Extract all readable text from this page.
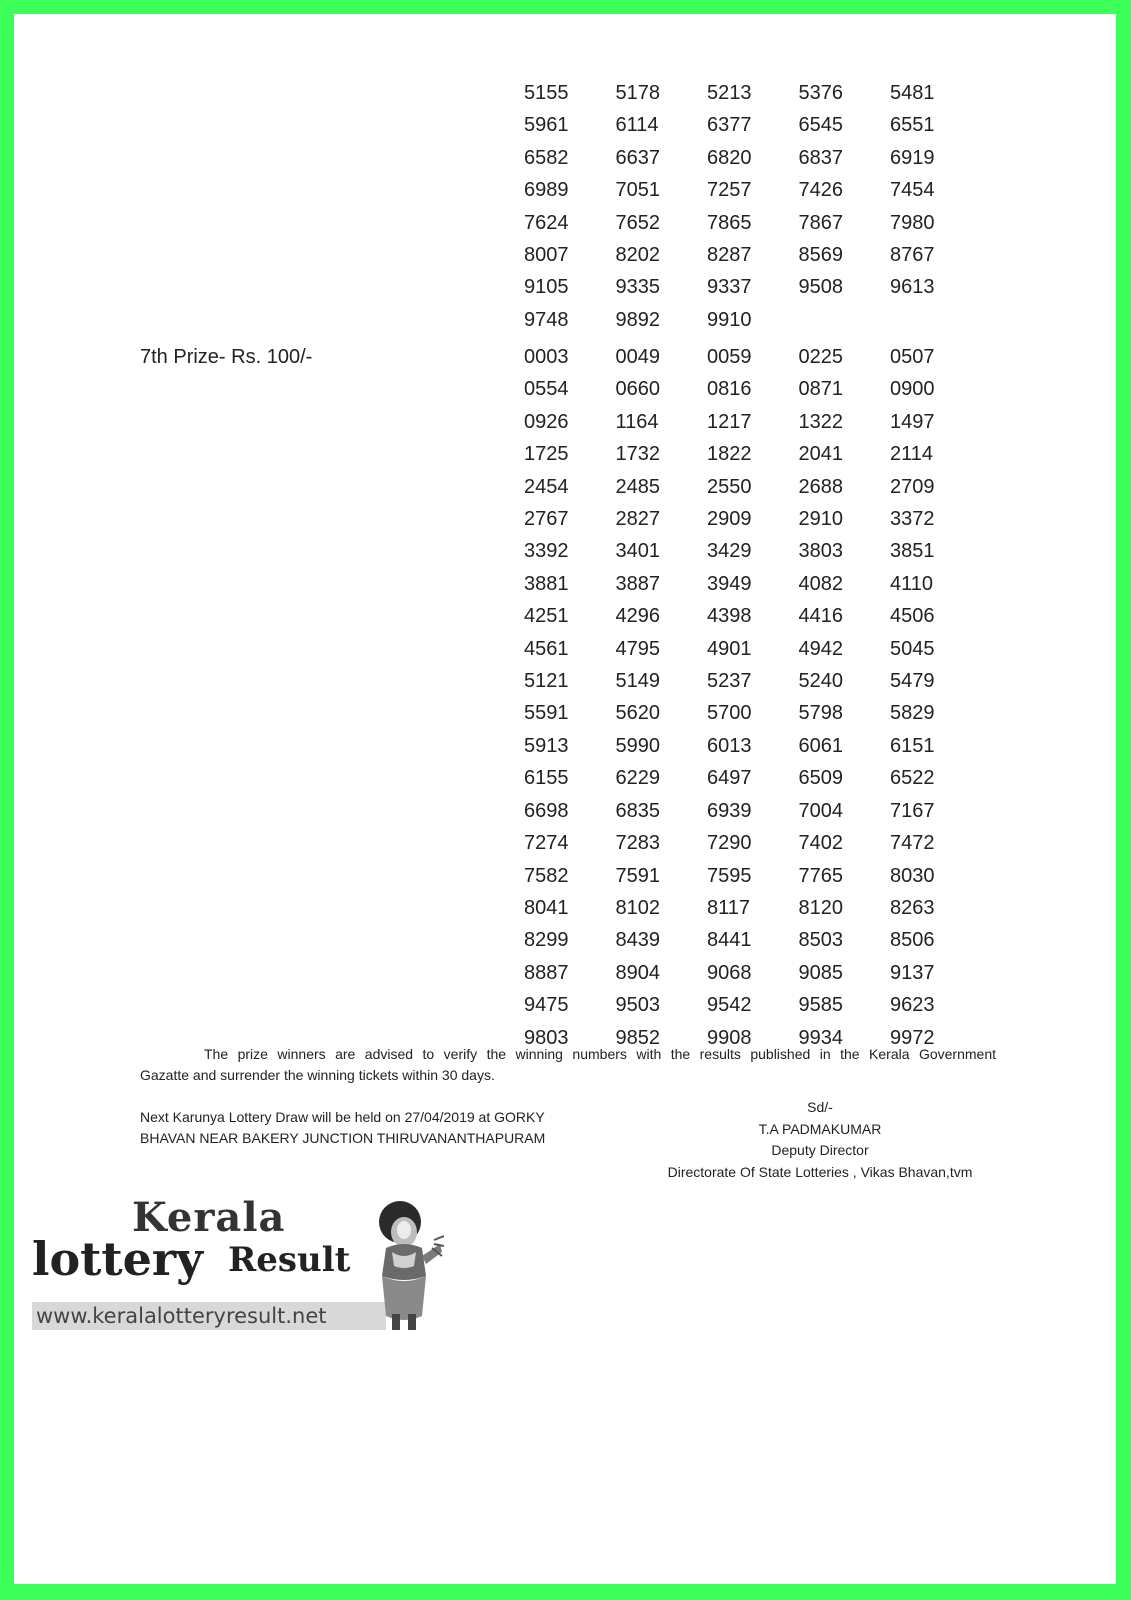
5155	5178	5213	5376	5481
5961	6114	6377	6545	6551
6582	6637	6820	6837	6919
6989	7051	7257	7426	7454
7624	7652	7865	7867	7980
8007	8202	8287	8569	8767
9105	9335	9337	9508	9613
9748	9892	9910
7th Prize- Rs. 100/-	0003	0049	0059	0225	0507
0554	0660	0816	0871	0900
0926	1164	1217	1322	1497
1725	1732	1822	2041	2114
2454	2485	2550	2688	2709
2767	2827	2909	2910	3372
3392	3401	3429	3803	3851
3881	3887	3949	4082	4110
4251	4296	4398	4416	4506
4561	4795	4901	4942	5045
5121	5149	5237	5240	5479
5591	5620	5700	5798	5829
5913	5990	6013	6061	6151
6155	6229	6497	6509	6522
6698	6835	6939	7004	7167
7274	7283	7290	7402	7472
7582	7591	7595	7765	8030
8041	8102	8117	8120	8263
8299	8439	8441	8503	8506
8887	8904	9068	9085	9137
9475	9503	9542	9585	9623
9803	9852	9908	9934	9972
The prize winners are advised to verify the winning numbers with the results published in the Kerala Government
Gazatte and surrender the winning tickets within 30 days.
Next Karunya Lottery Draw will be held on 27/04/2019 at GORKY
BHAVAN NEAR BAKERY JUNCTION THIRUVANANTHAPURAM
Sd/-
T.A PADMAKUMAR
Deputy Director
Directorate Of State Lotteries , Vikas Bhavan,tvm
Kerala
lottery Result
www.keralalotteryresult.net
